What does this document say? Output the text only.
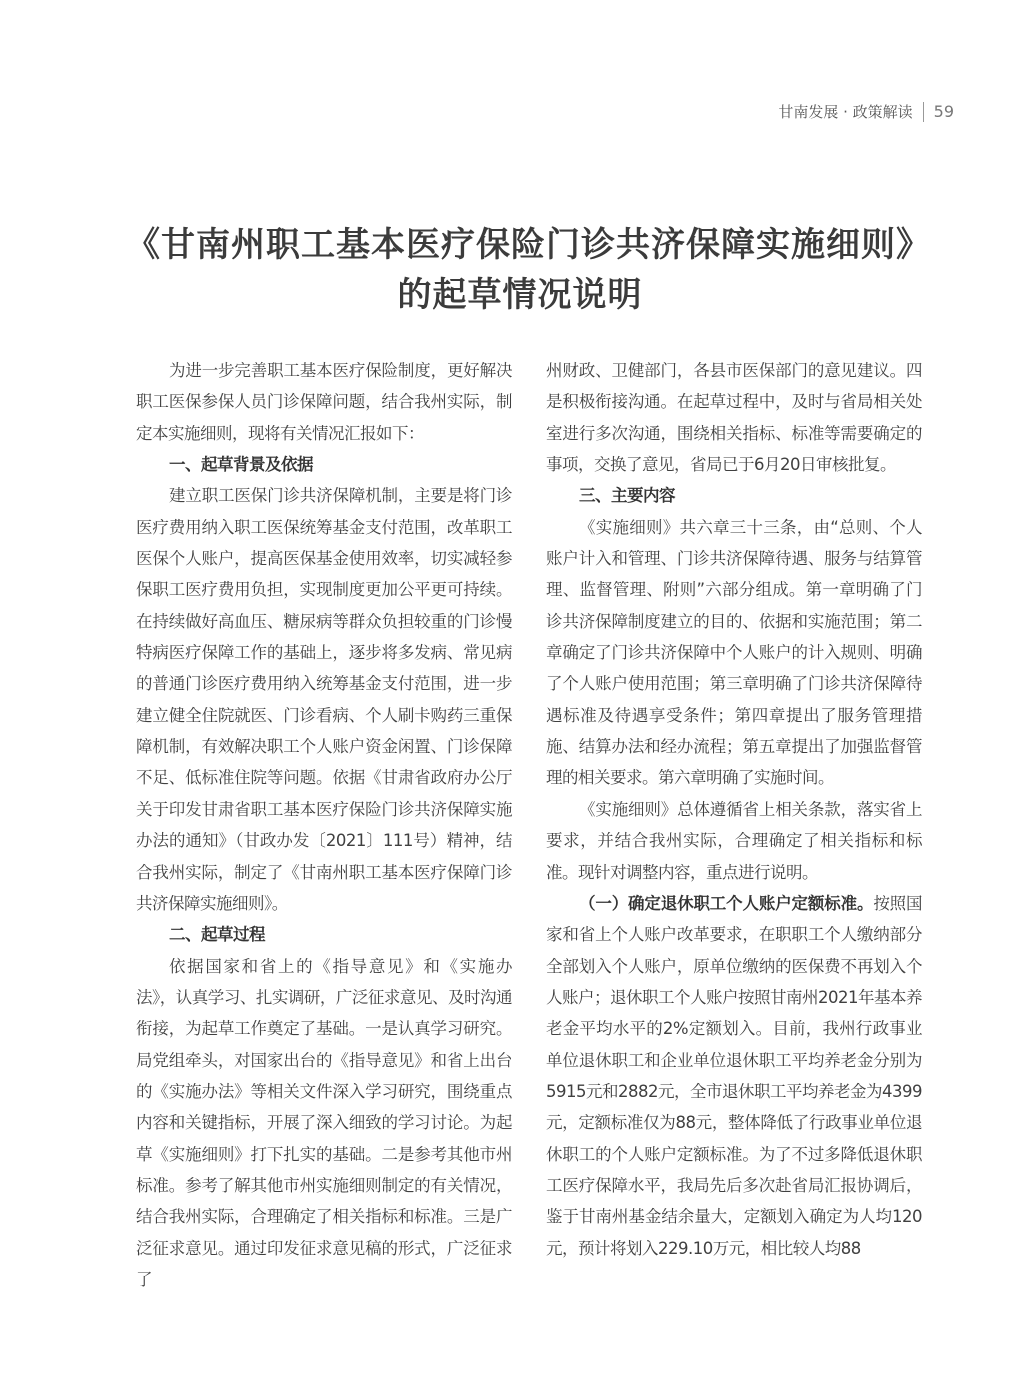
甘南发展 · 政策解读 59
《甘南州职工基本医疗保险门诊共济保障实施细则》的起草情况说明

为进一步完善职工基本医疗保险制度，更好解决职工医保参保人员门诊保障问题，结合我州实际，制定本实施细则，现将有关情况汇报如下：

一、起草背景及依据

建立职工医保门诊共济保障机制，主要是将门诊医疗费用纳入职工医保统筹基金支付范围，改革职工医保个人账户，提高医保基金使用效率，切实减轻参保职工医疗费用负担，实现制度更加公平更可持续。在持续做好高血压、糖尿病等群众负担较重的门诊慢特病医疗保障工作的基础上，逐步将多发病、常见病的普通门诊医疗费用纳入统筹基金支付范围，进一步建立健全住院就医、门诊看病、个人刷卡购药三重保障机制，有效解决职工个人账户资金闲置、门诊保障不足、低标准住院等问题。依据《甘肃省政府办公厅关于印发甘肃省职工基本医疗保险门诊共济保障实施办法的通知》（甘政办发〔2021〕111号）精神，结合我州实际，制定了《甘南州职工基本医疗保障门诊共济保障实施细则》。

二、起草过程

依据国家和省上的《指导意见》和《实施办法》，认真学习、扎实调研，广泛征求意见、及时沟通衔接，为起草工作奠定了基础。一是认真学习研究。局党组牵头，对国家出台的《指导意见》和省上出台的《实施办法》等相关文件深入学习研究，围绕重点内容和关键指标，开展了深入细致的学习讨论。为起草《实施细则》打下扎实的基础。二是参考其他市州标准。参考了解其他市州实施细则制定的有关情况，结合我州实际，合理确定了相关指标和标准。三是广泛征求意见。通过印发征求意见稿的形式，广泛征求了

州财政、卫健部门，各县市医保部门的意见建议。四是积极衔接沟通。在起草过程中，及时与省局相关处室进行多次沟通，围绕相关指标、标准等需要确定的事项，交换了意见，省局已于6月20日审核批复。

三、主要内容

《实施细则》共六章三十三条，由“总则、个人账户计入和管理、门诊共济保障待遇、服务与结算管理、监督管理、附则”六部分组成。第一章明确了门诊共济保障制度建立的目的、依据和实施范围；第二章确定了门诊共济保障中个人账户的计入规则、明确了个人账户使用范围；第三章明确了门诊共济保障待遇标准及待遇享受条件；第四章提出了服务管理措施、结算办法和经办流程；第五章提出了加强监督管理的相关要求。第六章明确了实施时间。

《实施细则》总体遵循省上相关条款，落实省上要求，并结合我州实际，合理确定了相关指标和标准。现针对调整内容，重点进行说明。

（一）确定退休职工个人账户定额标准。按照国家和省上个人账户改革要求，在职职工个人缴纳部分全部划入个人账户，原单位缴纳的医保费不再划入个人账户；退休职工个人账户按照甘南州2021年基本养老金平均水平的2%定额划入。目前，我州行政事业单位退休职工和企业单位退休职工平均养老金分别为5915元和2882元，全市退休职工平均养老金为4399元，定额标准仅为88元，整体降低了行政事业单位退休职工的个人账户定额标准。为了不过多降低退休职工医疗保障水平，我局先后多次赴省局汇报协调后，鉴于甘南州基金结余量大，定额划入确定为人均120元，预计将划入229.10万元，相比较人均88
